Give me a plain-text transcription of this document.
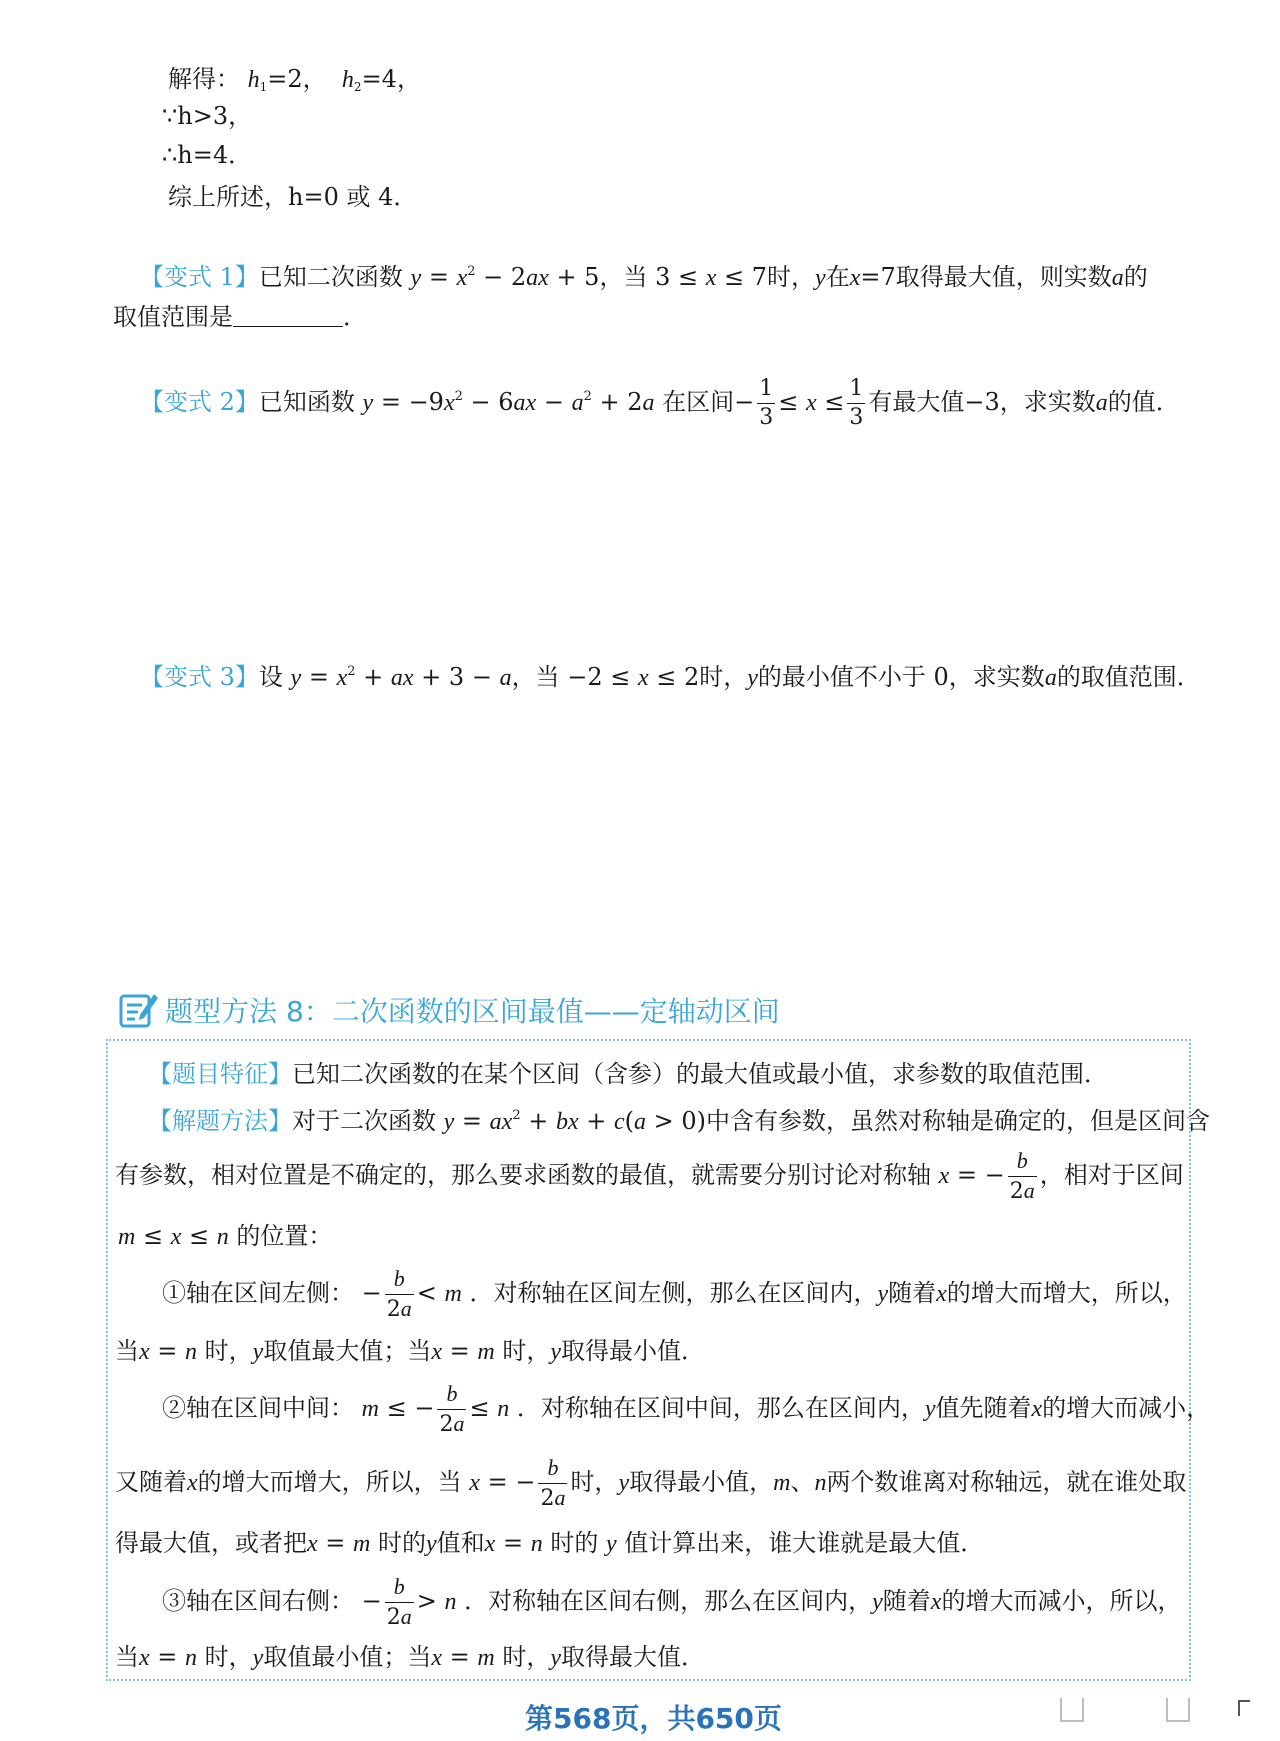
解得： $h_1=2$，  $h_2=4$，
∵h>3，
∴h=4．
综上所述，h=0 或 4．
【变式 1】已知二次函数 $y = x^2 - 2ax + 5$，当 3 ≤ x ≤ 7时，y在x=7取得最大值，则实数a的
取值范围是	．
【变式 2】已知函数 $y = -9x^2 - 6ax - a^2 + 2a$ 在区间− $\frac{1}{3} \le x \le \frac{1}{3}$ 有最大值−3，求实数a的值．
【变式 3】设 $y = x^2$ + ax + 3 − a，当 −2 ≤ x ≤ 2时，y的最小值不小于 0，求实数a的取值范围．
题型方法 8：二次函数的区间最值——定轴动区间
【题目特征】已知二次函数的在某个区间（含参）的最大值或最小值，求参数的取值范围．
【解题方法】对于二次函数 $y = ax^2$ + bx + c(a > 0)中含有参数，虽然对称轴是确定的，但是区间含
有参数，相对位置是不确定的，那么要求函数的最值，就需要分别讨论对称轴 x = − $\frac{b}{2a}$ ，相对于区间
m ≤ x ≤ n 的位置：
①轴在区间左侧： − $\frac{b}{2a} < m$ ．对称轴在区间左侧，那么在区间内，y随着x的增大而增大，所以，
当x = n 时，y取值最大值；当x = m 时，y取得最小值．
②轴在区间中间： m ≤ − $\frac{b}{2a} \le n$ ．对称轴在区间中间，那么在区间内，y值先随着x的增大而减小，
又随着x的增大而增大，所以，当 x = − $\frac{b}{2a}$ 时，y取得最小值，m、n两个数谁离对称轴远，就在谁处取
得最大值，或者把x = m 时的y值和x = n 时的 y 值计算出来，谁大谁就是最大值．
③轴在区间右侧： − $\frac{b}{2a} > n$ ．对称轴在区间右侧，那么在区间内，y随着x的增大而减小，所以，
当x = n 时，y取值最小值；当x = m 时，y取得最大值．
第568页，共650页
